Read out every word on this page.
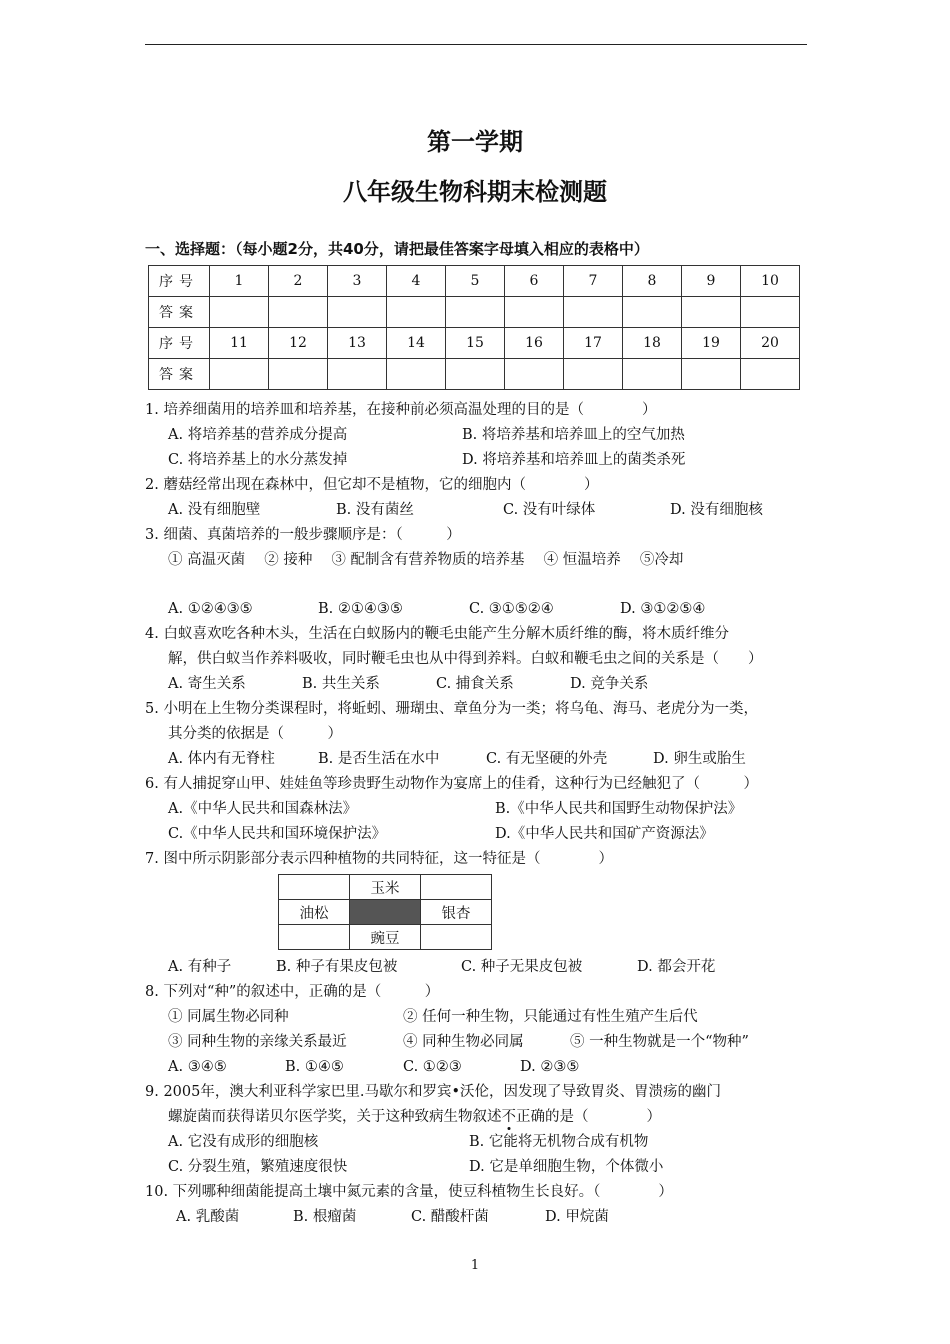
第一学期
八年级生物科期末检测题
一、选择题：（每小题2分，共40分，请把最佳答案字母填入相应的表格中）
序号	1	2	3	4	5	6	7	8	9	10
答案										
序号	11	12	13	14	15	16	17	18	19	20
答案										
1. 培养细菌用的培养皿和培养基，在接种前必须高温处理的目的是（　　　　）
A. 将培养基的营养成分提高	B. 将培养基和培养皿上的空气加热
C. 将培养基上的水分蒸发掉	D. 将培养基和培养皿上的菌类杀死
2. 蘑菇经常出现在森林中，但它却不是植物，它的细胞内（　　　　）
A. 没有细胞壁	B. 没有菌丝	C. 没有叶绿体	D. 没有细胞核
3. 细菌、真菌培养的一般步骤顺序是：（　　　）
① 高温灭菌　 ② 接种　 ③ 配制含有营养物质的培养基　 ④ 恒温培养　 ⑤冷却
A. ①②④③⑤	B. ②①④③⑤	C. ③①⑤②④	D. ③①②⑤④
4. 白蚁喜欢吃各种木头，生活在白蚁肠内的鞭毛虫能产生分解木质纤维的酶，将木质纤维分
解，供白蚁当作养料吸收，同时鞭毛虫也从中得到养料。白蚁和鞭毛虫之间的关系是（　　）
A. 寄生关系	B. 共生关系	C. 捕食关系	D. 竞争关系
5. 小明在上生物分类课程时，将蚯蚓、珊瑚虫、章鱼分为一类；将乌龟、海马、老虎分为一类，
其分类的依据是（　　　）
A. 体内有无脊柱	B. 是否生活在水中	C. 有无坚硬的外壳	D. 卵生或胎生
6. 有人捕捉穿山甲、娃娃鱼等珍贵野生动物作为宴席上的佳肴，这种行为已经触犯了（　　　）
A.《中华人民共和国森林法》	B.《中华人民共和国野生动物保护法》
C.《中华人民共和国环境保护法》	D.《中华人民共和国矿产资源法》
7. 图中所示阴影部分表示四种植物的共同特征，这一特征是（　　　　）
	玉米	
油松		银杏
	豌豆	
A. 有种子	B. 种子有果皮包被	C. 种子无果皮包被	D. 都会开花
8. 下列对“种”的叙述中，正确的是（　　　）
① 同属生物必同种	② 任何一种生物，只能通过有性生殖产生后代
③ 同种生物的亲缘关系最近	④ 同种生物必同属	⑤ 一种生物就是一个“物种”
A. ③④⑤	B. ①④⑤	C. ①②③	D. ②③⑤
9. 2005年，澳大利亚科学家巴里.马歇尔和罗宾•沃伦，因发现了导致胃炎、胃溃疡的幽门
螺旋菌而获得诺贝尔医学奖，关于这种致病生物叙述不正确的是（　　　　）
A. 它没有成形的细胞核	B. 它能将无机物合成有机物
C. 分裂生殖，繁殖速度很快	D. 它是单细胞生物，个体微小
10. 下列哪种细菌能提高土壤中氮元素的含量，使豆科植物生长良好。（　　　　）
A. 乳酸菌	B. 根瘤菌	C. 醋酸杆菌	D. 甲烷菌
1
